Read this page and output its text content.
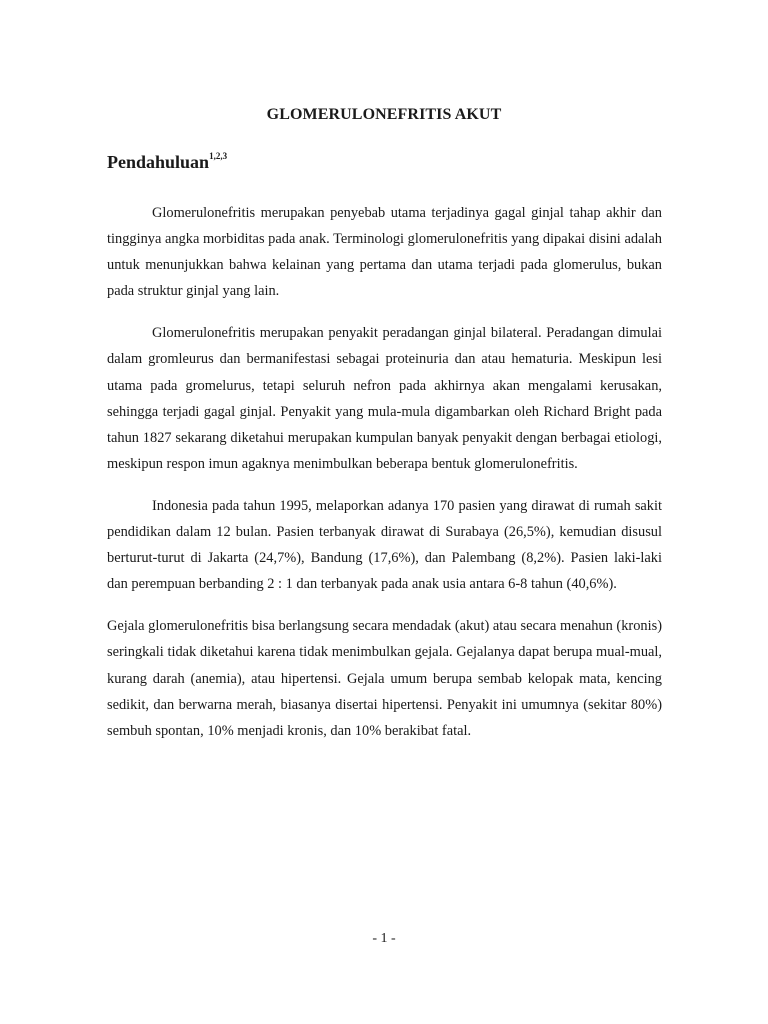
GLOMERULONEFRITIS AKUT
Pendahuluan$^{1,2,3}$

Glomerulonefritis merupakan penyebab utama terjadinya gagal ginjal tahap akhir dan tingginya angka morbiditas pada anak. Terminologi glomerulonefritis yang dipakai disini adalah untuk menunjukkan bahwa kelainan yang pertama dan utama terjadi pada glomerulus, bukan pada struktur ginjal yang lain.

Glomerulonefritis merupakan penyakit peradangan ginjal bilateral. Peradangan dimulai dalam gromleurus dan bermanifestasi sebagai proteinuria dan atau hematuria. Meskipun lesi utama pada gromelurus, tetapi seluruh nefron pada akhirnya akan mengalami kerusakan, sehingga terjadi gagal ginjal. Penyakit yang mula-mula digambarkan oleh Richard Bright pada tahun 1827 sekarang diketahui merupakan kumpulan banyak penyakit dengan berbagai etiologi, meskipun respon imun agaknya menimbulkan beberapa bentuk glomerulonefritis.

Indonesia pada tahun 1995, melaporkan adanya 170 pasien yang dirawat di rumah sakit pendidikan dalam 12 bulan. Pasien terbanyak dirawat di Surabaya (26,5%), kemudian disusul berturut-turut di Jakarta (24,7%), Bandung (17,6%), dan Palembang (8,2%). Pasien laki-laki dan perempuan berbanding 2 : 1 dan terbanyak pada anak usia antara 6-8 tahun (40,6%).

Gejala glomerulonefritis bisa berlangsung secara mendadak (akut) atau secara menahun (kronis) seringkali tidak diketahui karena tidak menimbulkan gejala. Gejalanya dapat berupa mual-mual, kurang darah (anemia), atau hipertensi. Gejala umum berupa sembab kelopak mata, kencing sedikit, dan berwarna merah, biasanya disertai hipertensi. Penyakit ini umumnya (sekitar 80%) sembuh spontan, 10% menjadi kronis, dan 10% berakibat fatal.

- 1 -
